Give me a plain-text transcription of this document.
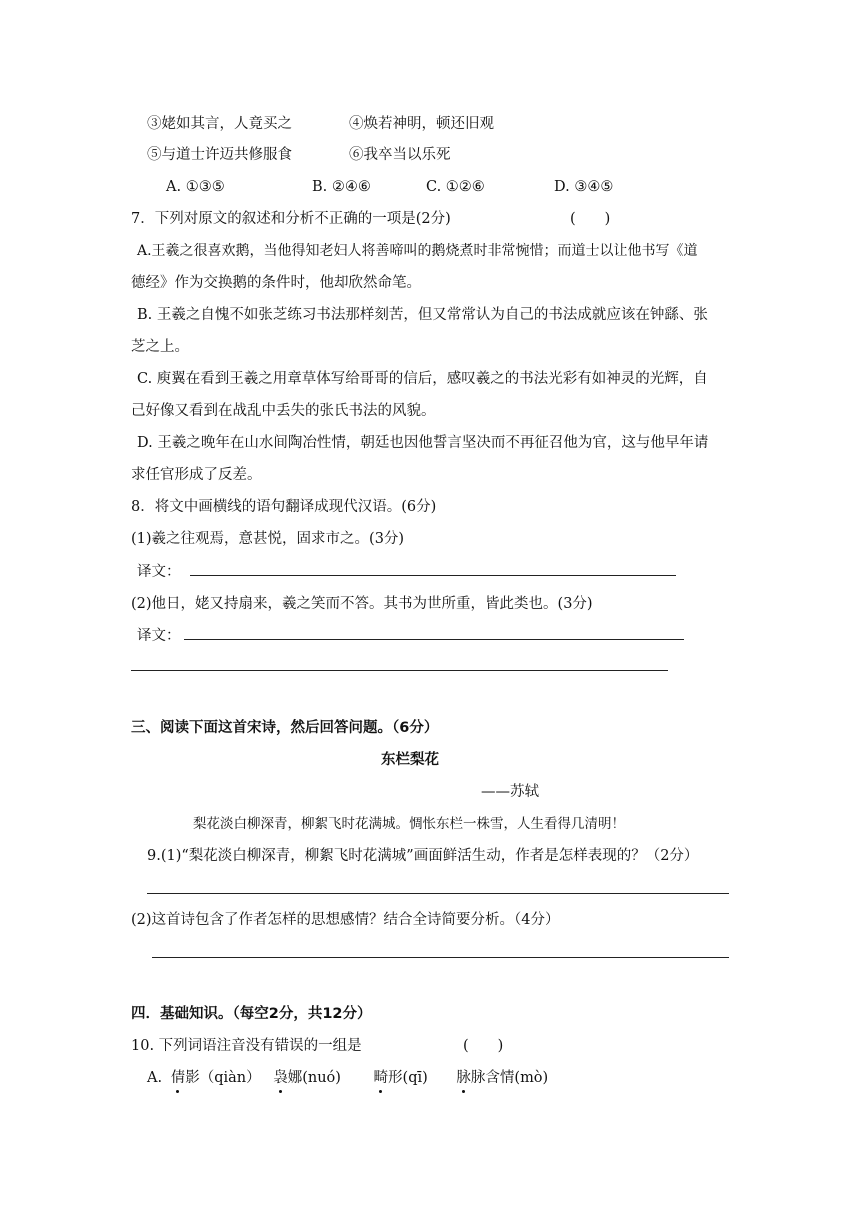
③姥如其言，人竟买之	④焕若神明，顿还旧观
⑤与道士许迈共修服食	⑥我卒当以乐死
A. ①③⑤	B. ②④⑥	C. ①②⑥	D. ③④⑤
7．下列对原文的叙述和分析不正确的一项是(2分)	(　　)
A.王羲之很喜欢鹅，当他得知老妇人将善啼叫的鹅烧煮时非常惋惜；而道士以让他书写《道
德经》作为交换鹅的条件时，他却欣然命笔。
B. 王羲之自愧不如张芝练习书法那样刻苦，但又常常认为自己的书法成就应该在钟繇、张
芝之上。
C. 庾翼在看到王羲之用章草体写给哥哥的信后，感叹羲之的书法光彩有如神灵的光辉，自
己好像又看到在战乱中丢失的张氏书法的风貌。
D. 王羲之晚年在山水间陶冶性情，朝廷也因他誓言坚决而不再征召他为官，这与他早年请
求任官形成了反差。
8．将文中画横线的语句翻译成现代汉语。(6分)
(1)羲之往观焉，意甚悦，固求市之。(3分)
译文：
(2)他日，姥又持扇来，羲之笑而不答。其书为世所重，皆此类也。(3分)
译文：
三、阅读下面这首宋诗，然后回答问题。（6分）
东栏梨花
——苏轼
梨花淡白柳深青，柳絮飞时花满城。惆怅东栏一株雪，人生看得几清明！
9.(1)“梨花淡白柳深青，柳絮飞时花满城”画面鲜活生动，作者是怎样表现的？（2分）
(2)这首诗包含了作者怎样的思想感情？结合全诗简要分析。（4分）
四．基础知识。（每空2分，共12分）
10. 下列词语注音没有错误的一组是	(　　)
A. 倩影（qiàn） 袅娜(nuó) 畸形(qī) 脉脉含情(mò)
